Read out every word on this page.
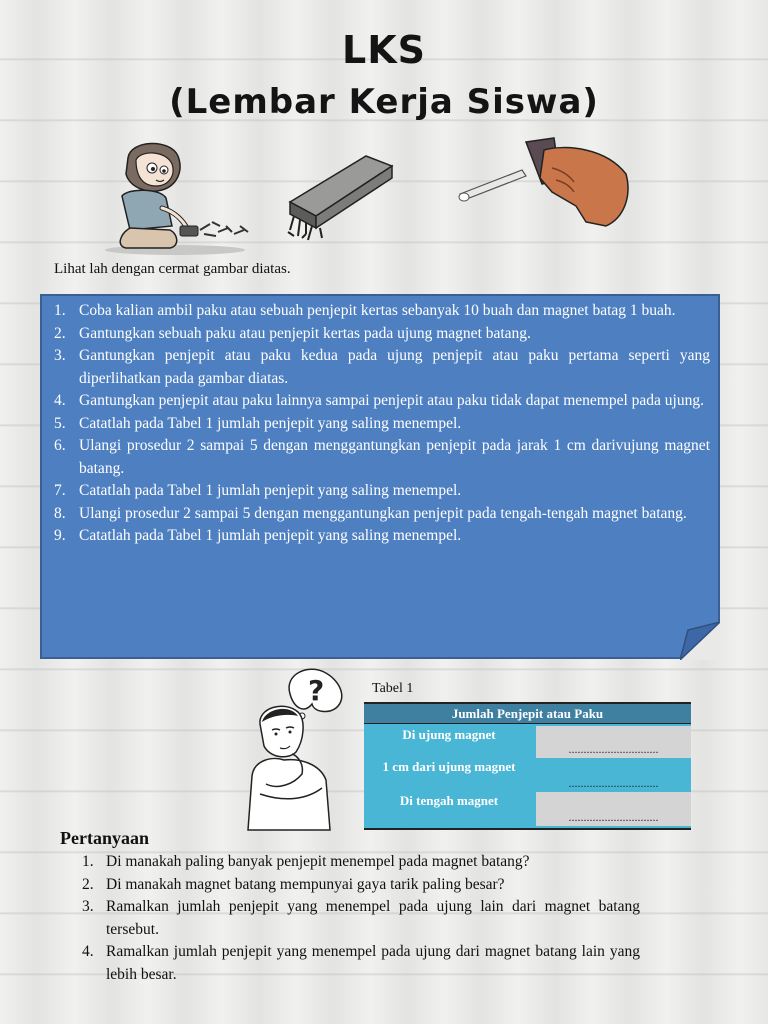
LKS
(Lembar Kerja Siswa)
Lihat lah dengan cermat gambar diatas.
1. Coba kalian ambil paku atau sebuah penjepit kertas sebanyak 10 buah dan magnet batag 1 buah.
2. Gantungkan sebuah paku atau penjepit kertas pada ujung magnet batang.
3. Gantungkan penjepit atau paku kedua pada ujung penjepit atau paku pertama seperti yang diperlihatkan pada gambar diatas.
4. Gantungkan penjepit atau paku lainnya sampai penjepit atau paku tidak dapat menempel pada ujung.
5. Catatlah pada Tabel 1 jumlah penjepit yang saling menempel.
6. Ulangi prosedur 2 sampai 5 dengan menggantungkan penjepit pada jarak 1 cm darivujung magnet batang.
7. Catatlah pada Tabel 1 jumlah penjepit yang saling menempel.
8. Ulangi prosedur 2 sampai 5 dengan menggantungkan penjepit pada tengah-tengah magnet batang.
9. Catatlah pada Tabel 1 jumlah penjepit yang saling menempel.
?	Tabel 1
Jumlah Penjepit atau Paku
Di ujung magnet
..............................
1 cm dari ujung magnet
..............................
Di tengah magnet
..............................
Pertanyaan
1. Di manakah paling banyak penjepit menempel pada magnet batang?
2. Di manakah magnet batang mempunyai gaya tarik paling besar?
3. Ramalkan jumlah penjepit yang menempel pada ujung lain dari magnet batang tersebut.
4. Ramalkan jumlah penjepit yang menempel pada ujung dari magnet batang lain yang lebih besar.
